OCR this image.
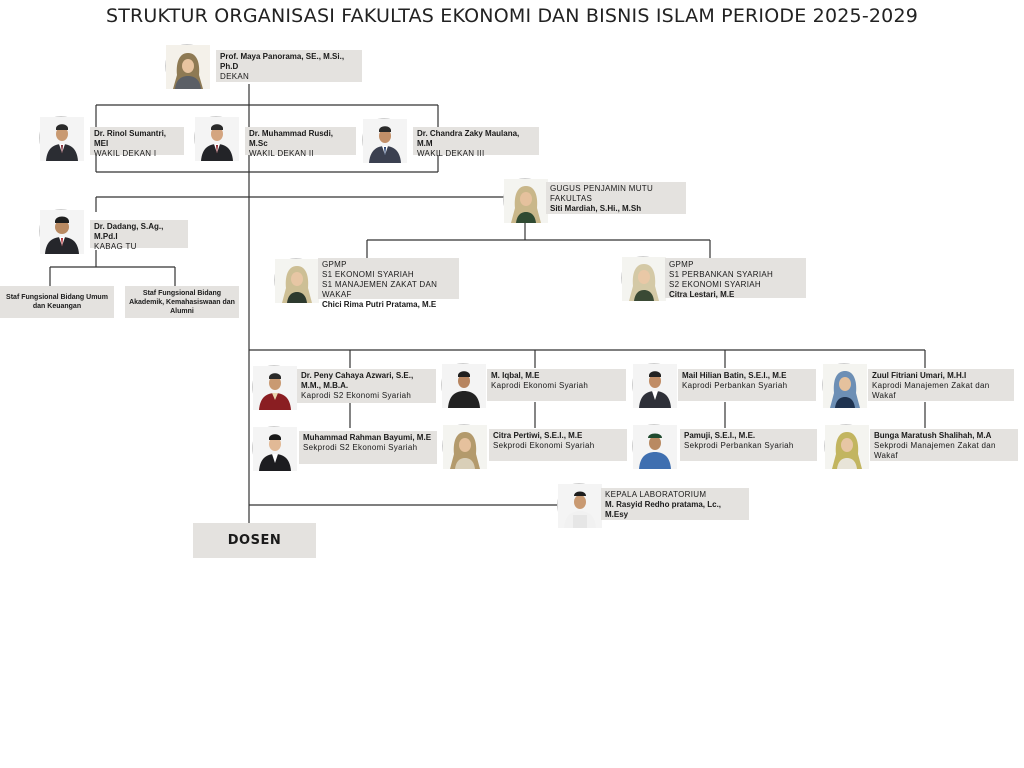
STRUKTUR ORGANISASI FAKULTAS EKONOMI DAN BISNIS ISLAM PERIODE 2025-2029
Prof. Maya Panorama, SE., M.Si., Ph.D
DEKAN
Dr. Rinol Sumantri, MEI
WAKIL DEKAN I
Dr. Muhammad Rusdi, M.Sc
WAKIL DEKAN II
Dr. Chandra Zaky Maulana, M.M
WAKIL DEKAN III
GUGUS PENJAMIN MUTU FAKULTAS
Siti Mardiah, S.Hi., M.Sh
Dr. Dadang, S.Ag., M.Pd.I
KABAG TU
Staf Fungsional Bidang Umum dan Keuangan
Staf Fungsional Bidang Akademik, Kemahasiswaan dan Alumni
GPMP
S1 EKONOMI SYARIAH
S1 MANAJEMEN ZAKAT DAN WAKAF
Chici Rima Putri Pratama, M.E
GPMP
S1 PERBANKAN SYARIAH
S2 EKONOMI SYARIAH
Citra Lestari, M.E
Dr. Peny Cahaya Azwari, S.E., M.M., M.B.A.
Kaprodi S2 Ekonomi Syariah
M. Iqbal, M.E
Kaprodi Ekonomi Syariah
Mail Hilian Batin, S.E.I., M.E
Kaprodi Perbankan Syariah
Zuul Fitriani Umari, M.H.I
Kaprodi Manajemen Zakat dan Wakaf
Muhammad Rahman Bayumi, M.E
Sekprodi S2 Ekonomi Syariah
Citra Pertiwi, S.E.I., M.E
Sekprodi Ekonomi Syariah
Pamuji, S.E.I., M.E.
Sekprodi Perbankan Syariah
Bunga Maratush Shalihah, M.A
Sekprodi Manajemen Zakat dan Wakaf
KEPALA LABORATORIUM
M. Rasyid Redho pratama, Lc., M.Esy
DOSEN
